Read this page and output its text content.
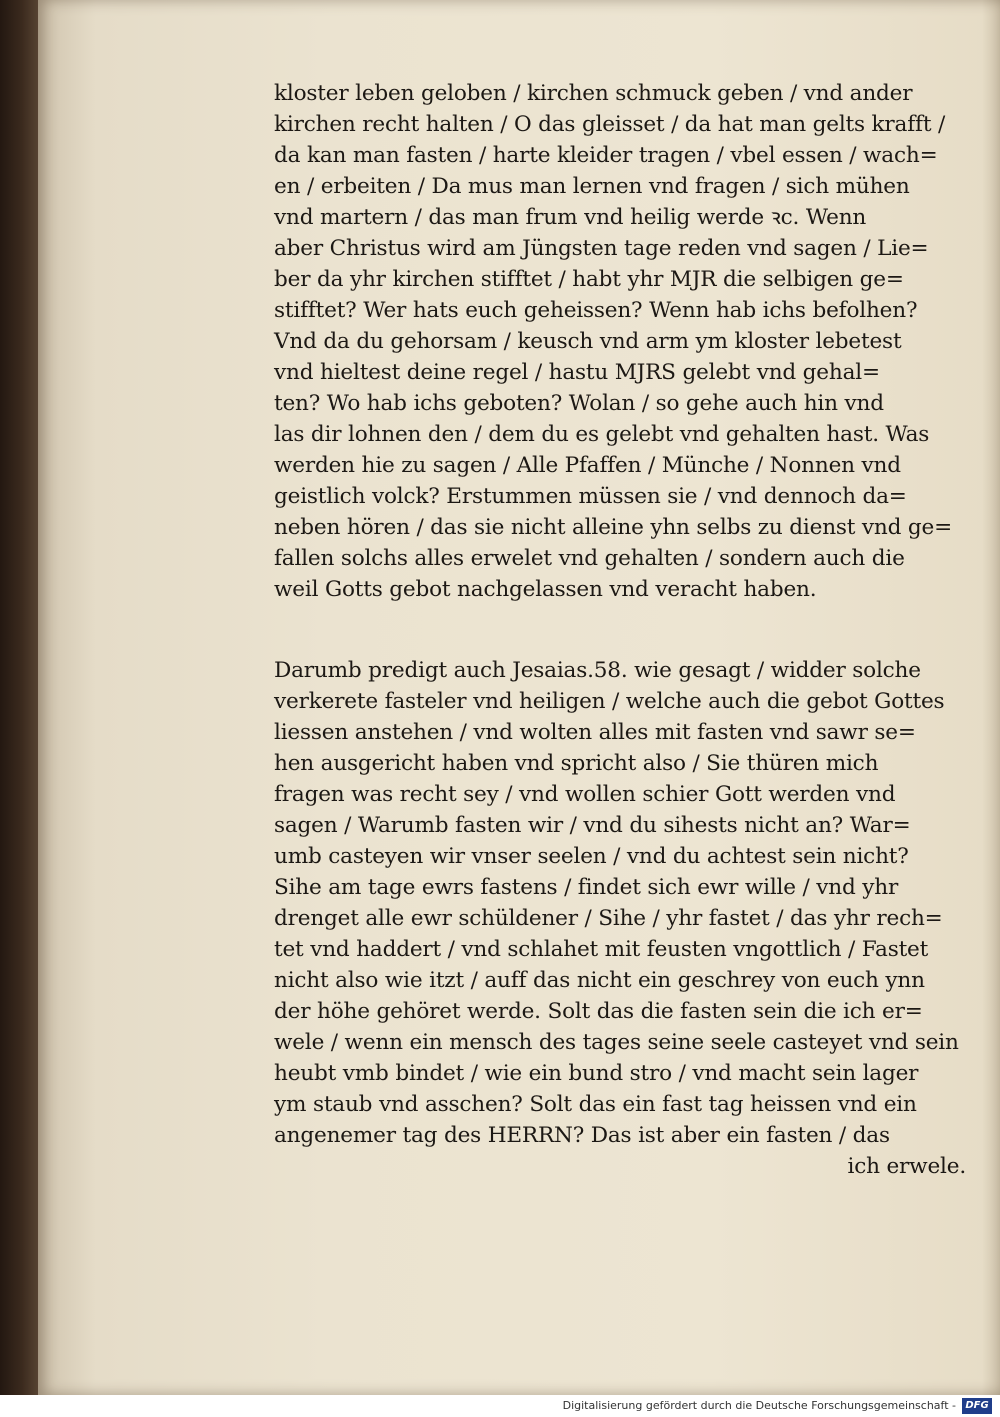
kloster leben geloben / kirchen schmuck geben / vnd ander
kirchen recht halten / O das gleisset / da hat man gelts krafft /
da kan man fasten / harte kleider tragen / vbel essen / wach=
en / erbeiten / Da mus man lernen vnd fragen / sich mühen
vnd martern / das man frum vnd heilig werde ꝛc. Wenn
aber Christus wird am Jüngsten tage reden vnd sagen / Lie=
ber da yhr kirchen stifftet / habt yhr MJR die selbigen ge=
stifftet? Wer hats euch geheissen? Wenn hab ichs befolhen?
Vnd da du gehorsam / keusch vnd arm ym kloster lebetest
vnd hieltest deine regel / hastu MJRS gelebt vnd gehal=
ten? Wo hab ichs geboten? Wolan / so gehe auch hin vnd
las dir lohnen den / dem du es gelebt vnd gehalten hast. Was
werden hie zu sagen / Alle Pfaffen / Münche / Nonnen vnd
geistlich volck? Erstummen müssen sie / vnd dennoch da=
neben hören / das sie nicht alleine yhn selbs zu dienst vnd ge=
fallen solchs alles erwelet vnd gehalten / sondern auch die
weil Gotts gebot nachgelassen vnd veracht haben.
Darumb predigt auch Jesaias.58. wie gesagt / widder solche
verkerete fasteler vnd heiligen / welche auch die gebot Gottes
liessen anstehen / vnd wolten alles mit fasten vnd sawr se=
hen ausgericht haben vnd spricht also / Sie thüren mich
fragen was recht sey / vnd wollen schier Gott werden vnd
sagen / Warumb fasten wir / vnd du sihests nicht an? War=
umb casteyen wir vnser seelen / vnd du achtest sein nicht?
Sihe am tage ewrs fastens / findet sich ewr wille / vnd yhr
drenget alle ewr schüldener / Sihe / yhr fastet / das yhr rech=
tet vnd haddert / vnd schlahet mit feusten vngottlich / Fastet
nicht also wie itzt / auff das nicht ein geschrey von euch ynn
der höhe gehöret werde. Solt das die fasten sein die ich er=
wele / wenn ein mensch des tages seine seele casteyet vnd sein
heubt vmb bindet / wie ein bund stro / vnd macht sein lager
ym staub vnd asschen? Solt das ein fast tag heissen vnd ein
angenemer tag des HERRN? Das ist aber ein fasten / das
ich erwele.
Digitalisierung gefördert durch die Deutsche Forschungsgemeinschaft - DFG
